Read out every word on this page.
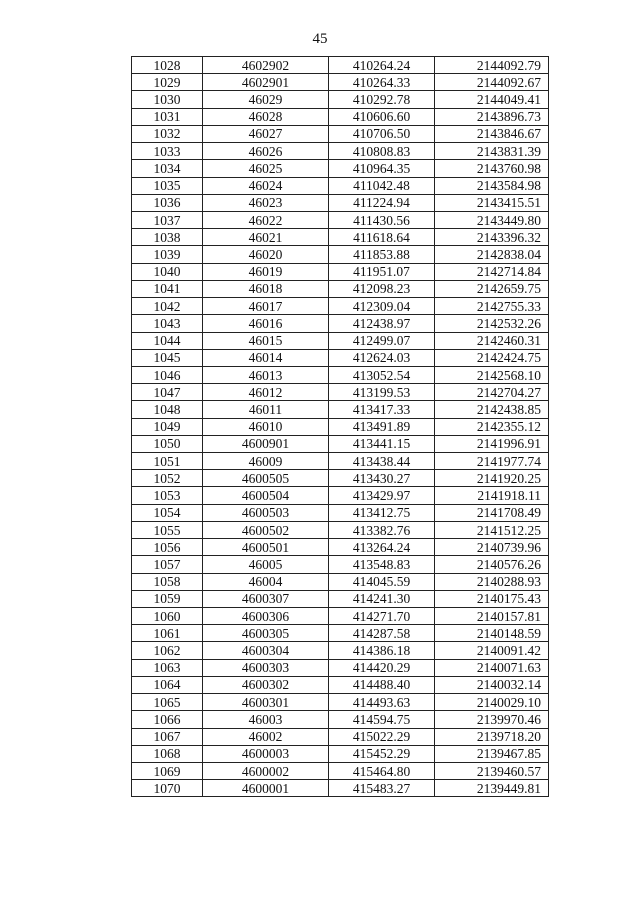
45
1028	4602902	410264.24	2144092.79
1029	4602901	410264.33	2144092.67
1030	46029	410292.78	2144049.41
1031	46028	410606.60	2143896.73
1032	46027	410706.50	2143846.67
1033	46026	410808.83	2143831.39
1034	46025	410964.35	2143760.98
1035	46024	411042.48	2143584.98
1036	46023	411224.94	2143415.51
1037	46022	411430.56	2143449.80
1038	46021	411618.64	2143396.32
1039	46020	411853.88	2142838.04
1040	46019	411951.07	2142714.84
1041	46018	412098.23	2142659.75
1042	46017	412309.04	2142755.33
1043	46016	412438.97	2142532.26
1044	46015	412499.07	2142460.31
1045	46014	412624.03	2142424.75
1046	46013	413052.54	2142568.10
1047	46012	413199.53	2142704.27
1048	46011	413417.33	2142438.85
1049	46010	413491.89	2142355.12
1050	4600901	413441.15	2141996.91
1051	46009	413438.44	2141977.74
1052	4600505	413430.27	2141920.25
1053	4600504	413429.97	2141918.11
1054	4600503	413412.75	2141708.49
1055	4600502	413382.76	2141512.25
1056	4600501	413264.24	2140739.96
1057	46005	413548.83	2140576.26
1058	46004	414045.59	2140288.93
1059	4600307	414241.30	2140175.43
1060	4600306	414271.70	2140157.81
1061	4600305	414287.58	2140148.59
1062	4600304	414386.18	2140091.42
1063	4600303	414420.29	2140071.63
1064	4600302	414488.40	2140032.14
1065	4600301	414493.63	2140029.10
1066	46003	414594.75	2139970.46
1067	46002	415022.29	2139718.20
1068	4600003	415452.29	2139467.85
1069	4600002	415464.80	2139460.57
1070	4600001	415483.27	2139449.81
